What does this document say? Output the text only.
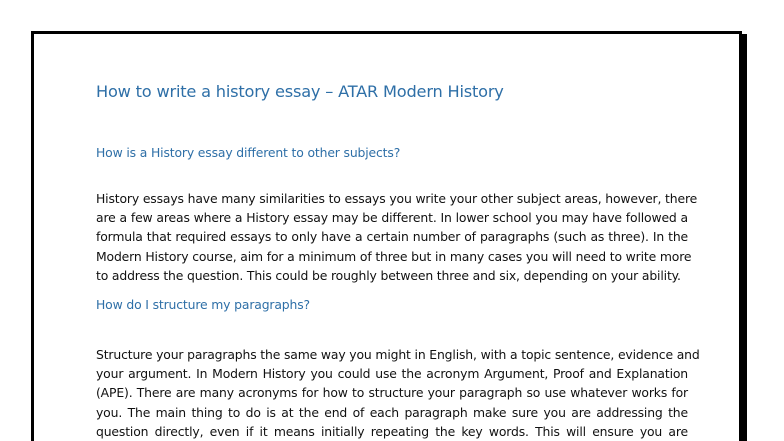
How to write a history essay – ATAR Modern History
How is a History essay different to other subjects?
History essays have many similarities to essays you write your other subject areas, however, there
are a few areas where a History essay may be different. In lower school you may have followed a
formula that required essays to only have a certain number of paragraphs (such as three). In the
Modern History course, aim for a minimum of three but in many cases you will need to write more
to address the question. This could be roughly between three and six, depending on your ability.
How do I structure my paragraphs?
Structure your paragraphs the same way you might in English, with a topic sentence, evidence and
your argument. In Modern History you could use the acronym Argument, Proof and Explanation
(APE). There are many acronyms for how to structure your paragraph so use whatever works for
you. The main thing to do is at the end of each paragraph make sure you are addressing the
question directly, even if it means initially repeating the key words. This will ensure you are
